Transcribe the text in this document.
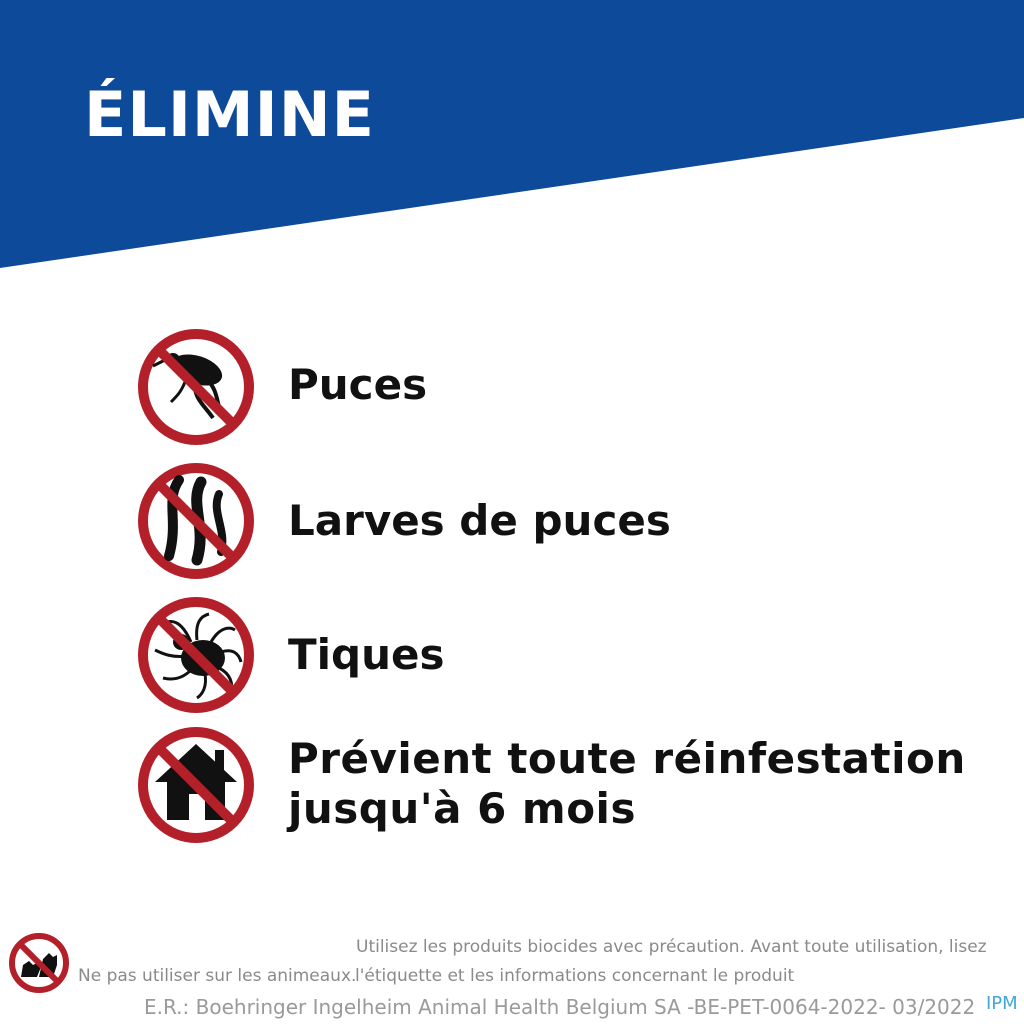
ÉLIMINE
Puces
Larves de puces
Tiques
Prévient toute réinfestation
jusqu'à 6 mois
Utilisez les produits biocides avec précaution. Avant toute utilisation, lisez
Ne pas utiliser sur les animeaux.
l'étiquette et les informations concernant le produit
E.R.: Boehringer Ingelheim Animal Health Belgium SA -BE-PET-0064-2022- 03/2022 IPM
